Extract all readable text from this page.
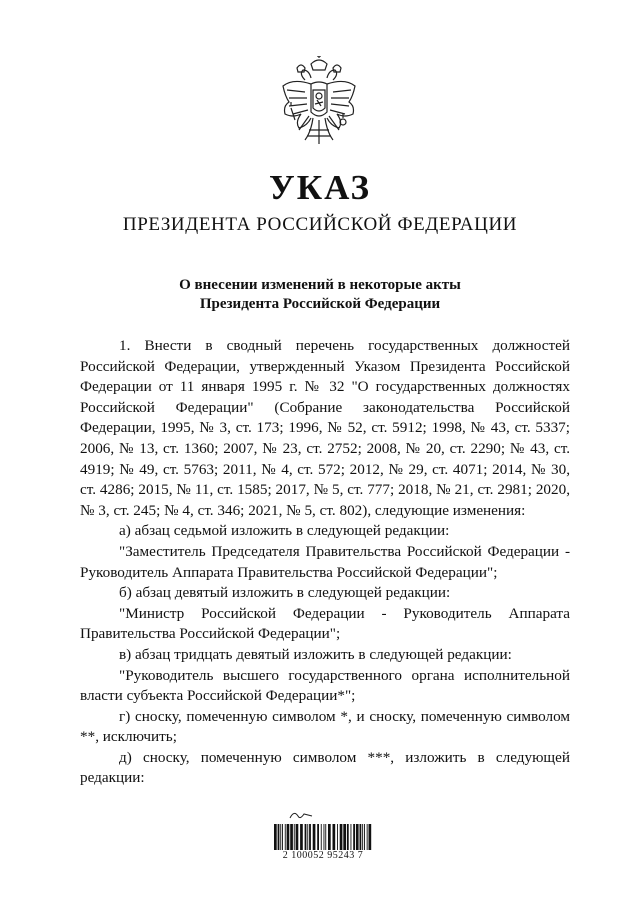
УКАЗ
ПРЕЗИДЕНТА РОССИЙСКОЙ ФЕДЕРАЦИИ
О внесении изменений в некоторые акты
Президента Российской Федерации

1. Внести в сводный перечень государственных должностей Российской Федерации, утвержденный Указом Президента Российской Федерации от 11 января 1995 г. № 32 "О государственных должностях Российской Федерации" (Собрание законодательства Российской Федерации, 1995, № 3, ст. 173; 1996, № 52, ст. 5912; 1998, № 43, ст. 5337; 2006, № 13, ст. 1360; 2007, № 23, ст. 2752; 2008, № 20, ст. 2290; № 43, ст. 4919; № 49, ст. 5763; 2011, № 4, ст. 572; 2012, № 29, ст. 4071; 2014, № 30, ст. 4286; 2015, № 11, ст. 1585; 2017, № 5, ст. 777; 2018, № 21, ст. 2981; 2020, № 3, ст. 245; № 4, ст. 346; 2021, № 5, ст. 802), следующие изменения:

а) абзац седьмой изложить в следующей редакции:

"Заместитель Председателя Правительства Российской Федерации - Руководитель Аппарата Правительства Российской Федерации";

б) абзац девятый изложить в следующей редакции:

"Министр Российской Федерации - Руководитель Аппарата Правительства Российской Федерации";

в) абзац тридцать девятый изложить в следующей редакции:

"Руководитель высшего государственного органа исполнительной власти субъекта Российской Федерации*";

г) сноску, помеченную символом *, и сноску, помеченную символом **, исключить;

д) сноску, помеченную символом ***, изложить в следующей редакции:

2 100052 95243 7
